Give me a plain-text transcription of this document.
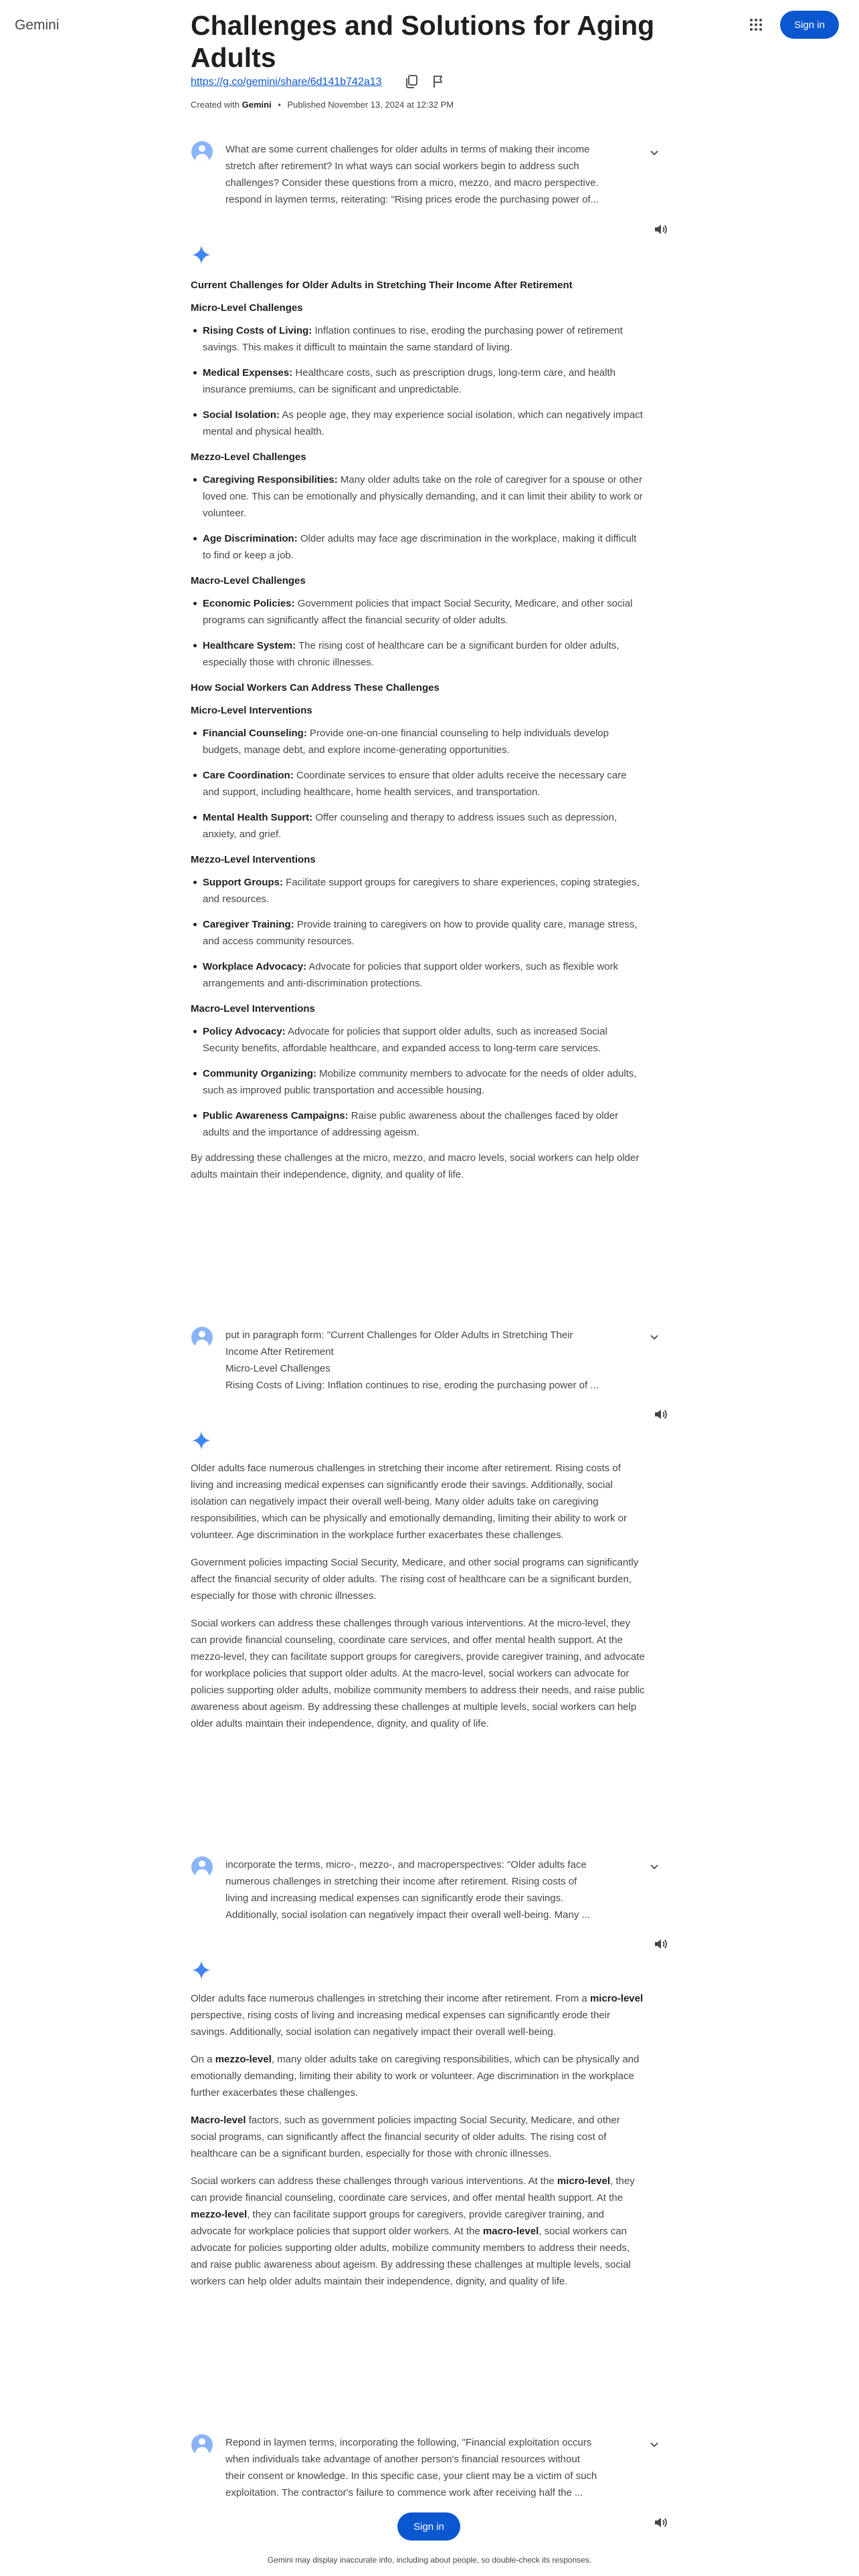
Gemini	Sign in
Challenges and Solutions for Aging Adults
https://g.co/gemini/share/6d141b742a13
Created with Gemini • Published November 13, 2024 at 12:32 PM
What are some current challenges for older adults in terms of making their income
stretch after retirement? In what ways can social workers begin to address such
challenges? Consider these questions from a micro, mezzo, and macro perspective.
respond in laymen terms, reiterating: "Rising prices erode the purchasing power of...
Current Challenges for Older Adults in Stretching Their Income After Retirement
Micro-Level Challenges
Rising Costs of Living: Inflation continues to rise, eroding the purchasing power of retirement savings. This makes it difficult to maintain the same standard of living.
Medical Expenses: Healthcare costs, such as prescription drugs, long-term care, and health insurance premiums, can be significant and unpredictable.
Social Isolation: As people age, they may experience social isolation, which can negatively impact mental and physical health.
Mezzo-Level Challenges
Caregiving Responsibilities: Many older adults take on the role of caregiver for a spouse or other loved one. This can be emotionally and physically demanding, and it can limit their ability to work or volunteer.
Age Discrimination: Older adults may face age discrimination in the workplace, making it difficult to find or keep a job.
Macro-Level Challenges
Economic Policies: Government policies that impact Social Security, Medicare, and other social programs can significantly affect the financial security of older adults.
Healthcare System: The rising cost of healthcare can be a significant burden for older adults, especially those with chronic illnesses.
How Social Workers Can Address These Challenges
Micro-Level Interventions
Financial Counseling: Provide one-on-one financial counseling to help individuals develop budgets, manage debt, and explore income-generating opportunities.
Care Coordination: Coordinate services to ensure that older adults receive the necessary care and support, including healthcare, home health services, and transportation.
Mental Health Support: Offer counseling and therapy to address issues such as depression, anxiety, and grief.
Mezzo-Level Interventions
Support Groups: Facilitate support groups for caregivers to share experiences, coping strategies, and resources.
Caregiver Training: Provide training to caregivers on how to provide quality care, manage stress, and access community resources.
Workplace Advocacy: Advocate for policies that support older workers, such as flexible work arrangements and anti-discrimination protections.
Macro-Level Interventions
Policy Advocacy: Advocate for policies that support older adults, such as increased Social Security benefits, affordable healthcare, and expanded access to long-term care services.
Community Organizing: Mobilize community members to advocate for the needs of older adults, such as improved public transportation and accessible housing.
Public Awareness Campaigns: Raise public awareness about the challenges faced by older adults and the importance of addressing ageism.

By addressing these challenges at the micro, mezzo, and macro levels, social workers can help older adults maintain their independence, dignity, and quality of life.

put in paragraph form: "Current Challenges for Older Adults in Stretching Their
Income After Retirement
Micro-Level Challenges
Rising Costs of Living: Inflation continues to rise, eroding the purchasing power of ...

Older adults face numerous challenges in stretching their income after retirement. Rising costs of living and increasing medical expenses can significantly erode their savings. Additionally, social isolation can negatively impact their overall well-being. Many older adults take on caregiving responsibilities, which can be physically and emotionally demanding, limiting their ability to work or volunteer. Age discrimination in the workplace further exacerbates these challenges.

Government policies impacting Social Security, Medicare, and other social programs can significantly affect the financial security of older adults. The rising cost of healthcare can be a significant burden, especially for those with chronic illnesses.

Social workers can address these challenges through various interventions. At the micro-level, they can provide financial counseling, coordinate care services, and offer mental health support. At the mezzo-level, they can facilitate support groups for caregivers, provide caregiver training, and advocate for workplace policies that support older adults. At the macro-level, social workers can advocate for policies supporting older adults, mobilize community members to address their needs, and raise public awareness about ageism. By addressing these challenges at multiple levels, social workers can help older adults maintain their independence, dignity, and quality of life.

incorporate the terms, micro-, mezzo-, and macroperspectives: "Older adults face
numerous challenges in stretching their income after retirement. Rising costs of
living and increasing medical expenses can significantly erode their savings.
Additionally, social isolation can negatively impact their overall well-being. Many ...

Older adults face numerous challenges in stretching their income after retirement. From a micro-level perspective, rising costs of living and increasing medical expenses can significantly erode their savings. Additionally, social isolation can negatively impact their overall well-being.

On a mezzo-level, many older adults take on caregiving responsibilities, which can be physically and emotionally demanding, limiting their ability to work or volunteer. Age discrimination in the workplace further exacerbates these challenges.

Macro-level factors, such as government policies impacting Social Security, Medicare, and other social programs, can significantly affect the financial security of older adults. The rising cost of healthcare can be a significant burden, especially for those with chronic illnesses.

Social workers can address these challenges through various interventions. At the micro-level, they can provide financial counseling, coordinate care services, and offer mental health support. At the mezzo-level, they can facilitate support groups for caregivers, provide caregiver training, and advocate for workplace policies that support older workers. At the macro-level, social workers can advocate for policies supporting older adults, mobilize community members to address their needs, and raise public awareness about ageism. By addressing these challenges at multiple levels, social workers can help older adults maintain their independence, dignity, and quality of life.

Repond in laymen terms, incorporating the following, "Financial exploitation occurs
when individuals take advantage of another person's financial resources without
their consent or knowledge. In this specific case, your client may be a victim of such
exploitation. The contractor's failure to commence work after receiving half the ...
Sign in
Gemini may display inaccurate info, including about people, so double-check its responses.
